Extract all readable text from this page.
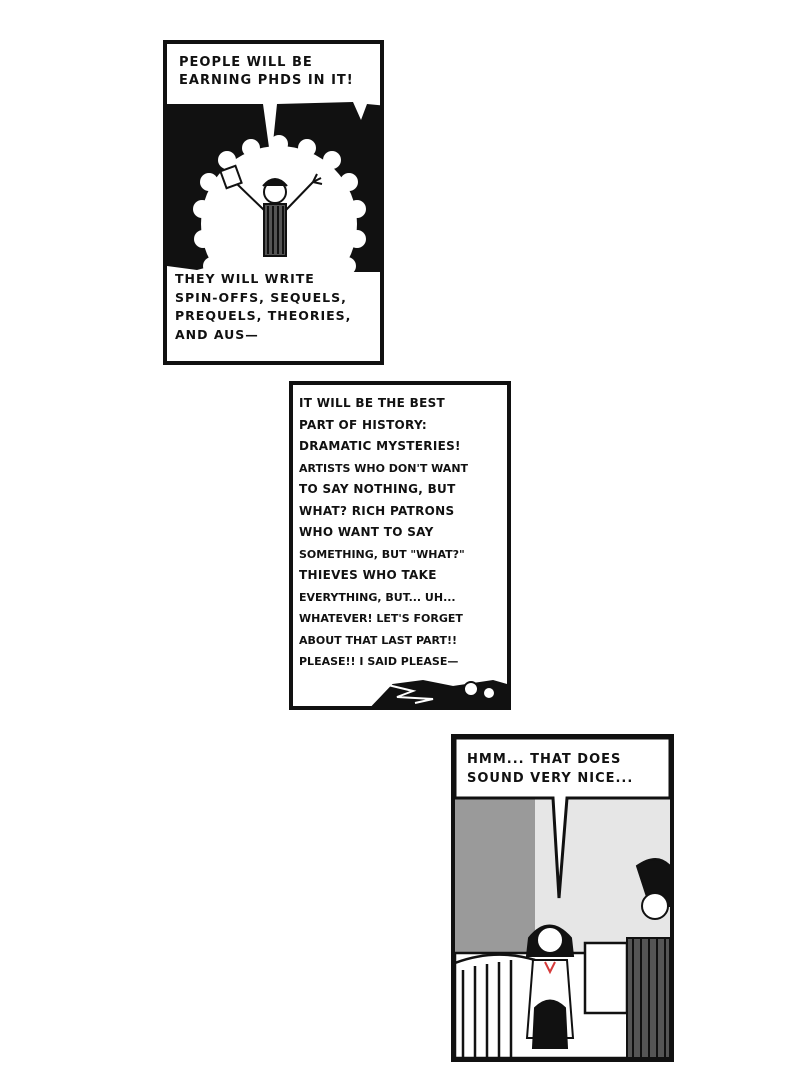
PEOPLE WILL BE
EARNING PHDS IN IT!
THEY WILL WRITE
SPIN-OFFS, SEQUELS,
PREQUELS, THEORIES,
AND AUS—
IT WILL BE THE BEST
PART OF HISTORY:
DRAMATIC MYSTERIES!
ARTISTS WHO DON'T WANT
TO SAY NOTHING, BUT
WHAT? RICH PATRONS
WHO WANT TO SAY
SOMETHING, BUT "WHAT?"
THIEVES WHO TAKE
EVERYTHING, BUT... UH...
WHATEVER! LET'S FORGET
ABOUT THAT LAST PART!!
PLEASE!! I SAID PLEASE—
HMM... THAT DOES
SOUND VERY NICE...
